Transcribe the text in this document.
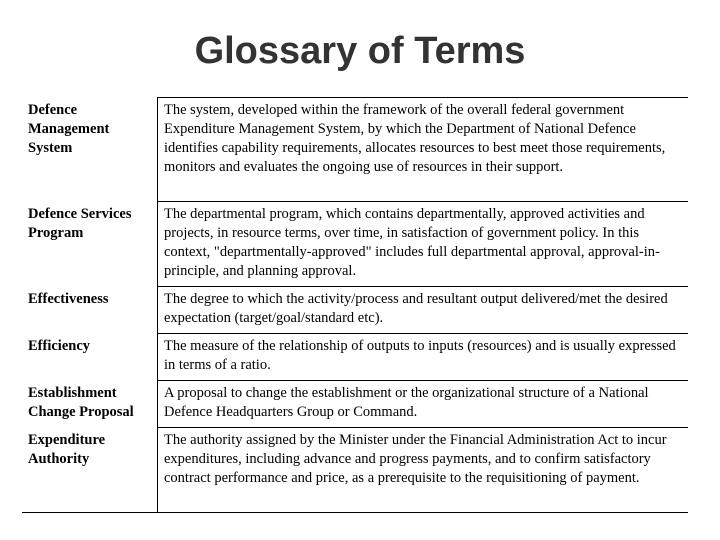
Glossary of Terms
Defence Management System
The system, developed within the framework of the overall federal government Expenditure Management System, by which the Department of National Defence identifies capability requirements, allocates resources to best meet those requirements, monitors and evaluates the ongoing use of resources in their support.
Defence Services Program
The departmental program, which contains departmentally, approved activities and projects, in resource terms, over time, in satisfaction of government policy. In this context, "departmentally-approved" includes full departmental approval, approval-in-principle, and planning approval.
Effectiveness	The degree to which the activity/process and resultant output delivered/met the desired expectation (target/goal/standard etc).
Efficiency	The measure of the relationship of outputs to inputs (resources) and is usually expressed in terms of a ratio.
Establishment Change Proposal
A proposal to change the establishment or the organizational structure of a National Defence Headquarters Group or Command.
Expenditure Authority
The authority assigned by the Minister under the Financial Administration Act to incur expenditures, including advance and progress payments, and to confirm satisfactory contract performance and price, as a prerequisite to the requisitioning of payment.
